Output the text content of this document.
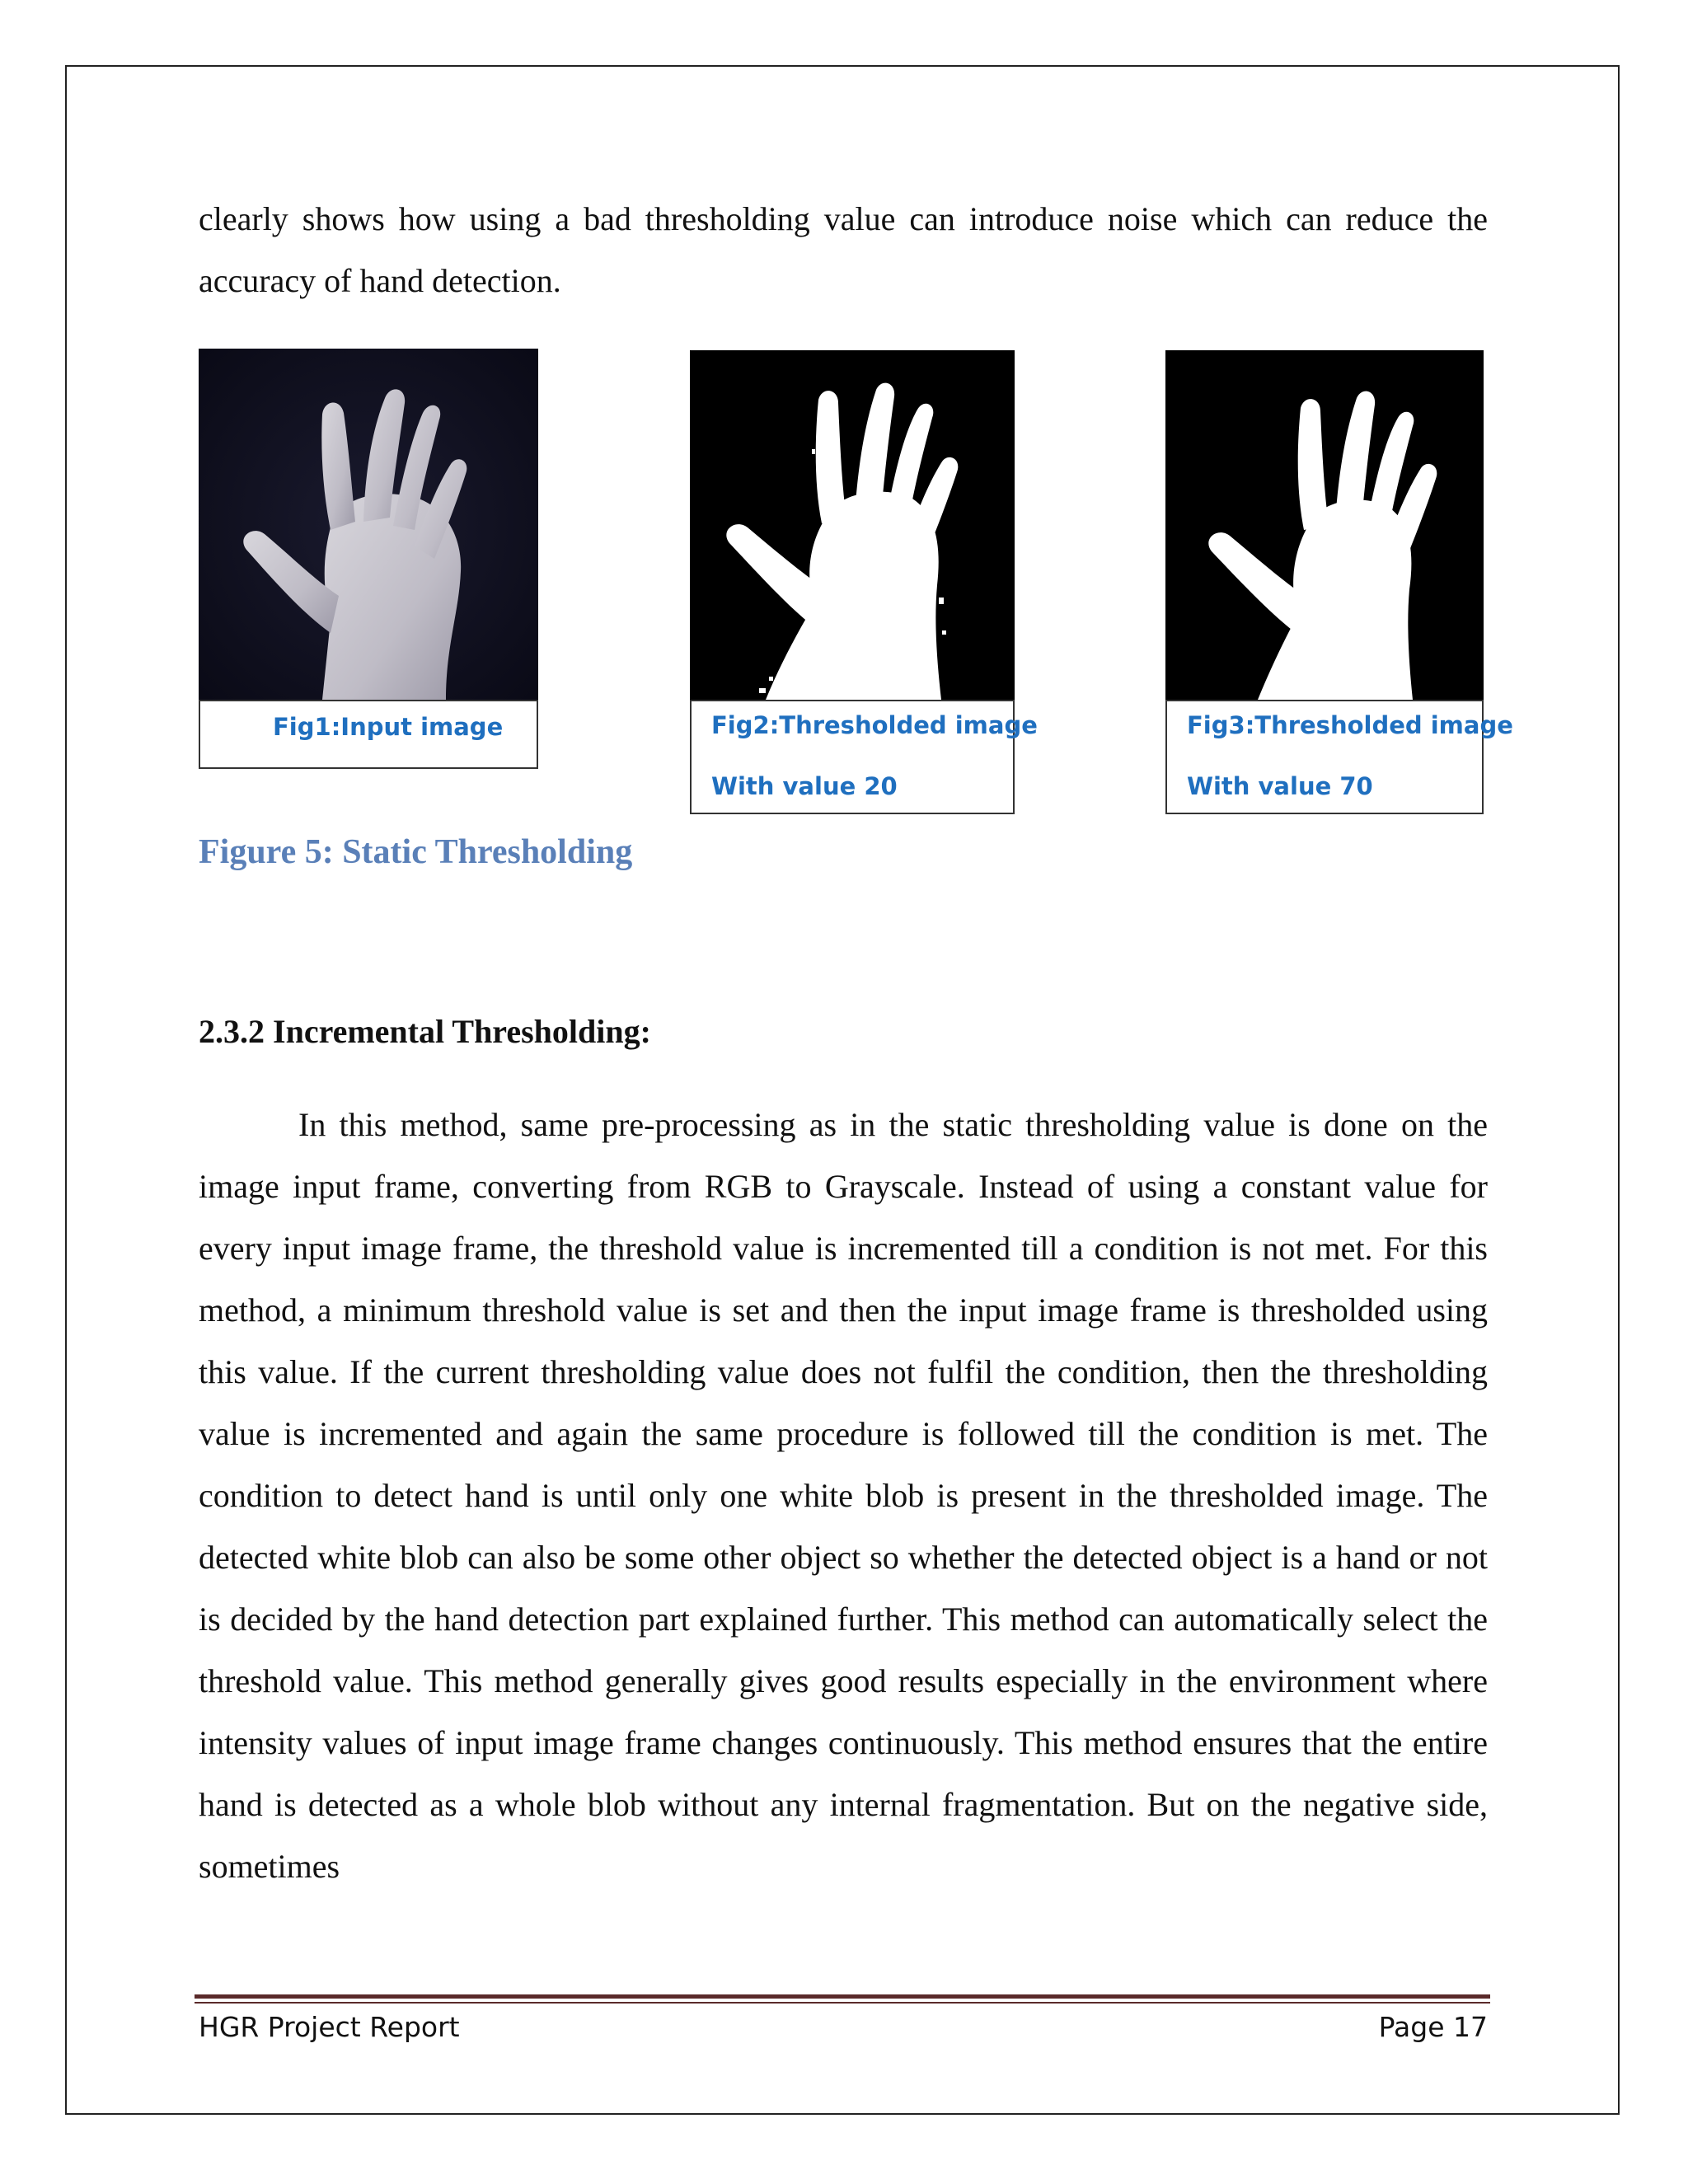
clearly shows how using a bad thresholding value can introduce noise which can reduce the accuracy of hand detection.

Fig1:Input image	Fig2:Thresholded image
With value 20
Fig3:Thresholded image
With value 70
Figure 5: Static Thresholding
2.3.2 Incremental Thresholding:

In this method, same pre-processing as in the static thresholding value is done on the image input frame, converting from RGB to Grayscale. Instead of using a constant value for every input image frame, the threshold value is incremented till a condition is not met. For this method, a minimum threshold value is set and then the input image frame is thresholded using this value. If the current thresholding value does not fulfil the condition, then the thresholding value is incremented and again the same procedure is followed till the condition is met. The condition to detect hand is until only one white blob is present in the thresholded image. The detected white blob can also be some other object so whether the detected object is a hand or not is decided by the hand detection part explained further. This method can automatically select the threshold value. This method generally gives good results especially in the environment where intensity values of input image frame changes continuously. This method ensures that the entire hand is detected as a whole blob without any internal fragmentation. But on the negative side, sometimes

HGR Project Report	Page 17
